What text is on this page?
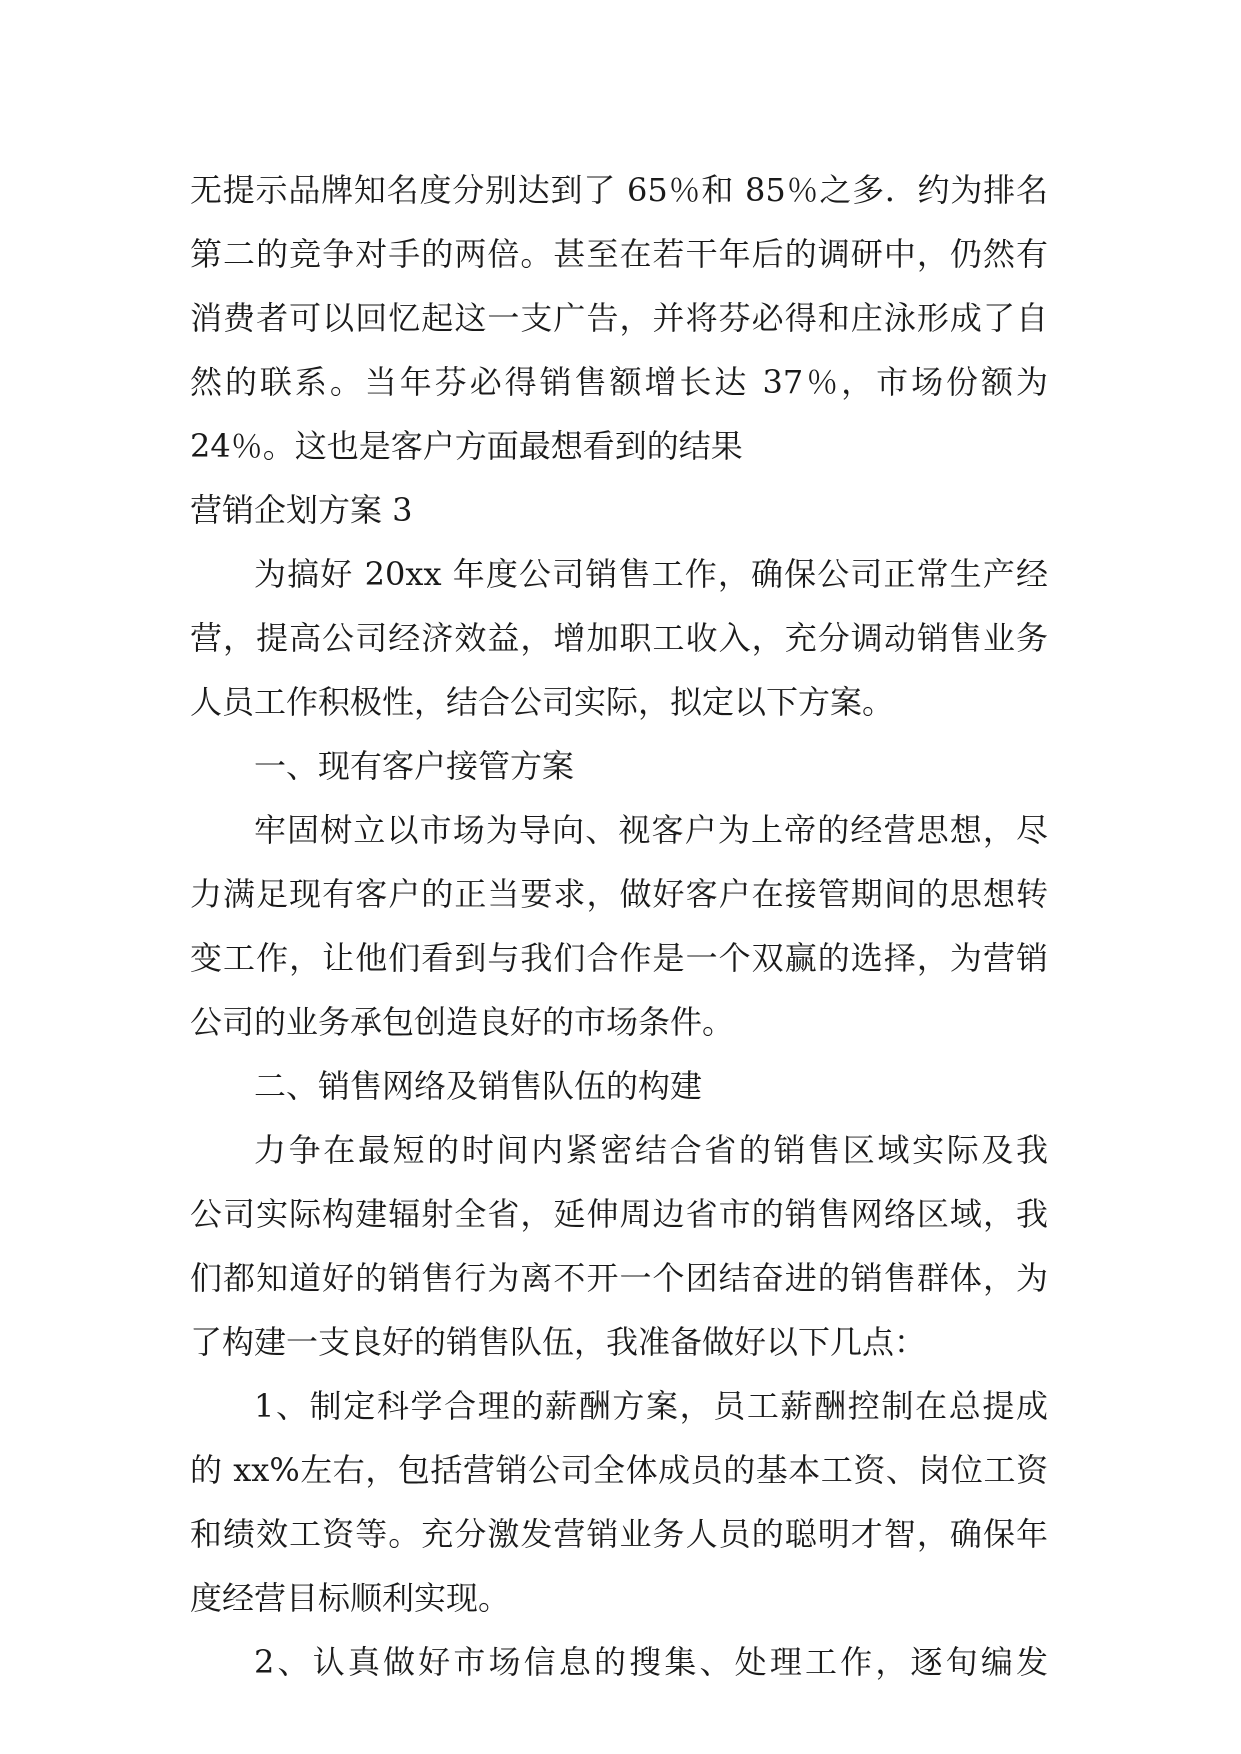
无提示品牌知名度分别达到了 65％和 85％之多．约为排名
第二的竞争对手的两倍。甚至在若干年后的调研中，仍然有
消费者可以回忆起这一支广告，并将芬必得和庄泳形成了自
然的联系。当年芬必得销售额增长达 37％，市场份额为
24％。这也是客户方面最想看到的结果
营销企划方案 3
为搞好 20xx 年度公司销售工作，确保公司正常生产经
营，提高公司经济效益，增加职工收入，充分调动销售业务
人员工作积极性，结合公司实际，拟定以下方案。
一、现有客户接管方案
牢固树立以市场为导向、视客户为上帝的经营思想，尽
力满足现有客户的正当要求，做好客户在接管期间的思想转
变工作，让他们看到与我们合作是一个双赢的选择，为营销
公司的业务承包创造良好的市场条件。
二、销售网络及销售队伍的构建
力争在最短的时间内紧密结合省的销售区域实际及我
公司实际构建辐射全省，延伸周边省市的销售网络区域，我
们都知道好的销售行为离不开一个团结奋进的销售群体，为
了构建一支良好的销售队伍，我准备做好以下几点：
1、制定科学合理的薪酬方案，员工薪酬控制在总提成
的 xx%左右，包括营销公司全体成员的基本工资、岗位工资
和绩效工资等。充分激发营销业务人员的聪明才智，确保年
度经营目标顺利实现。
2、认真做好市场信息的搜集、处理工作，逐旬编发
